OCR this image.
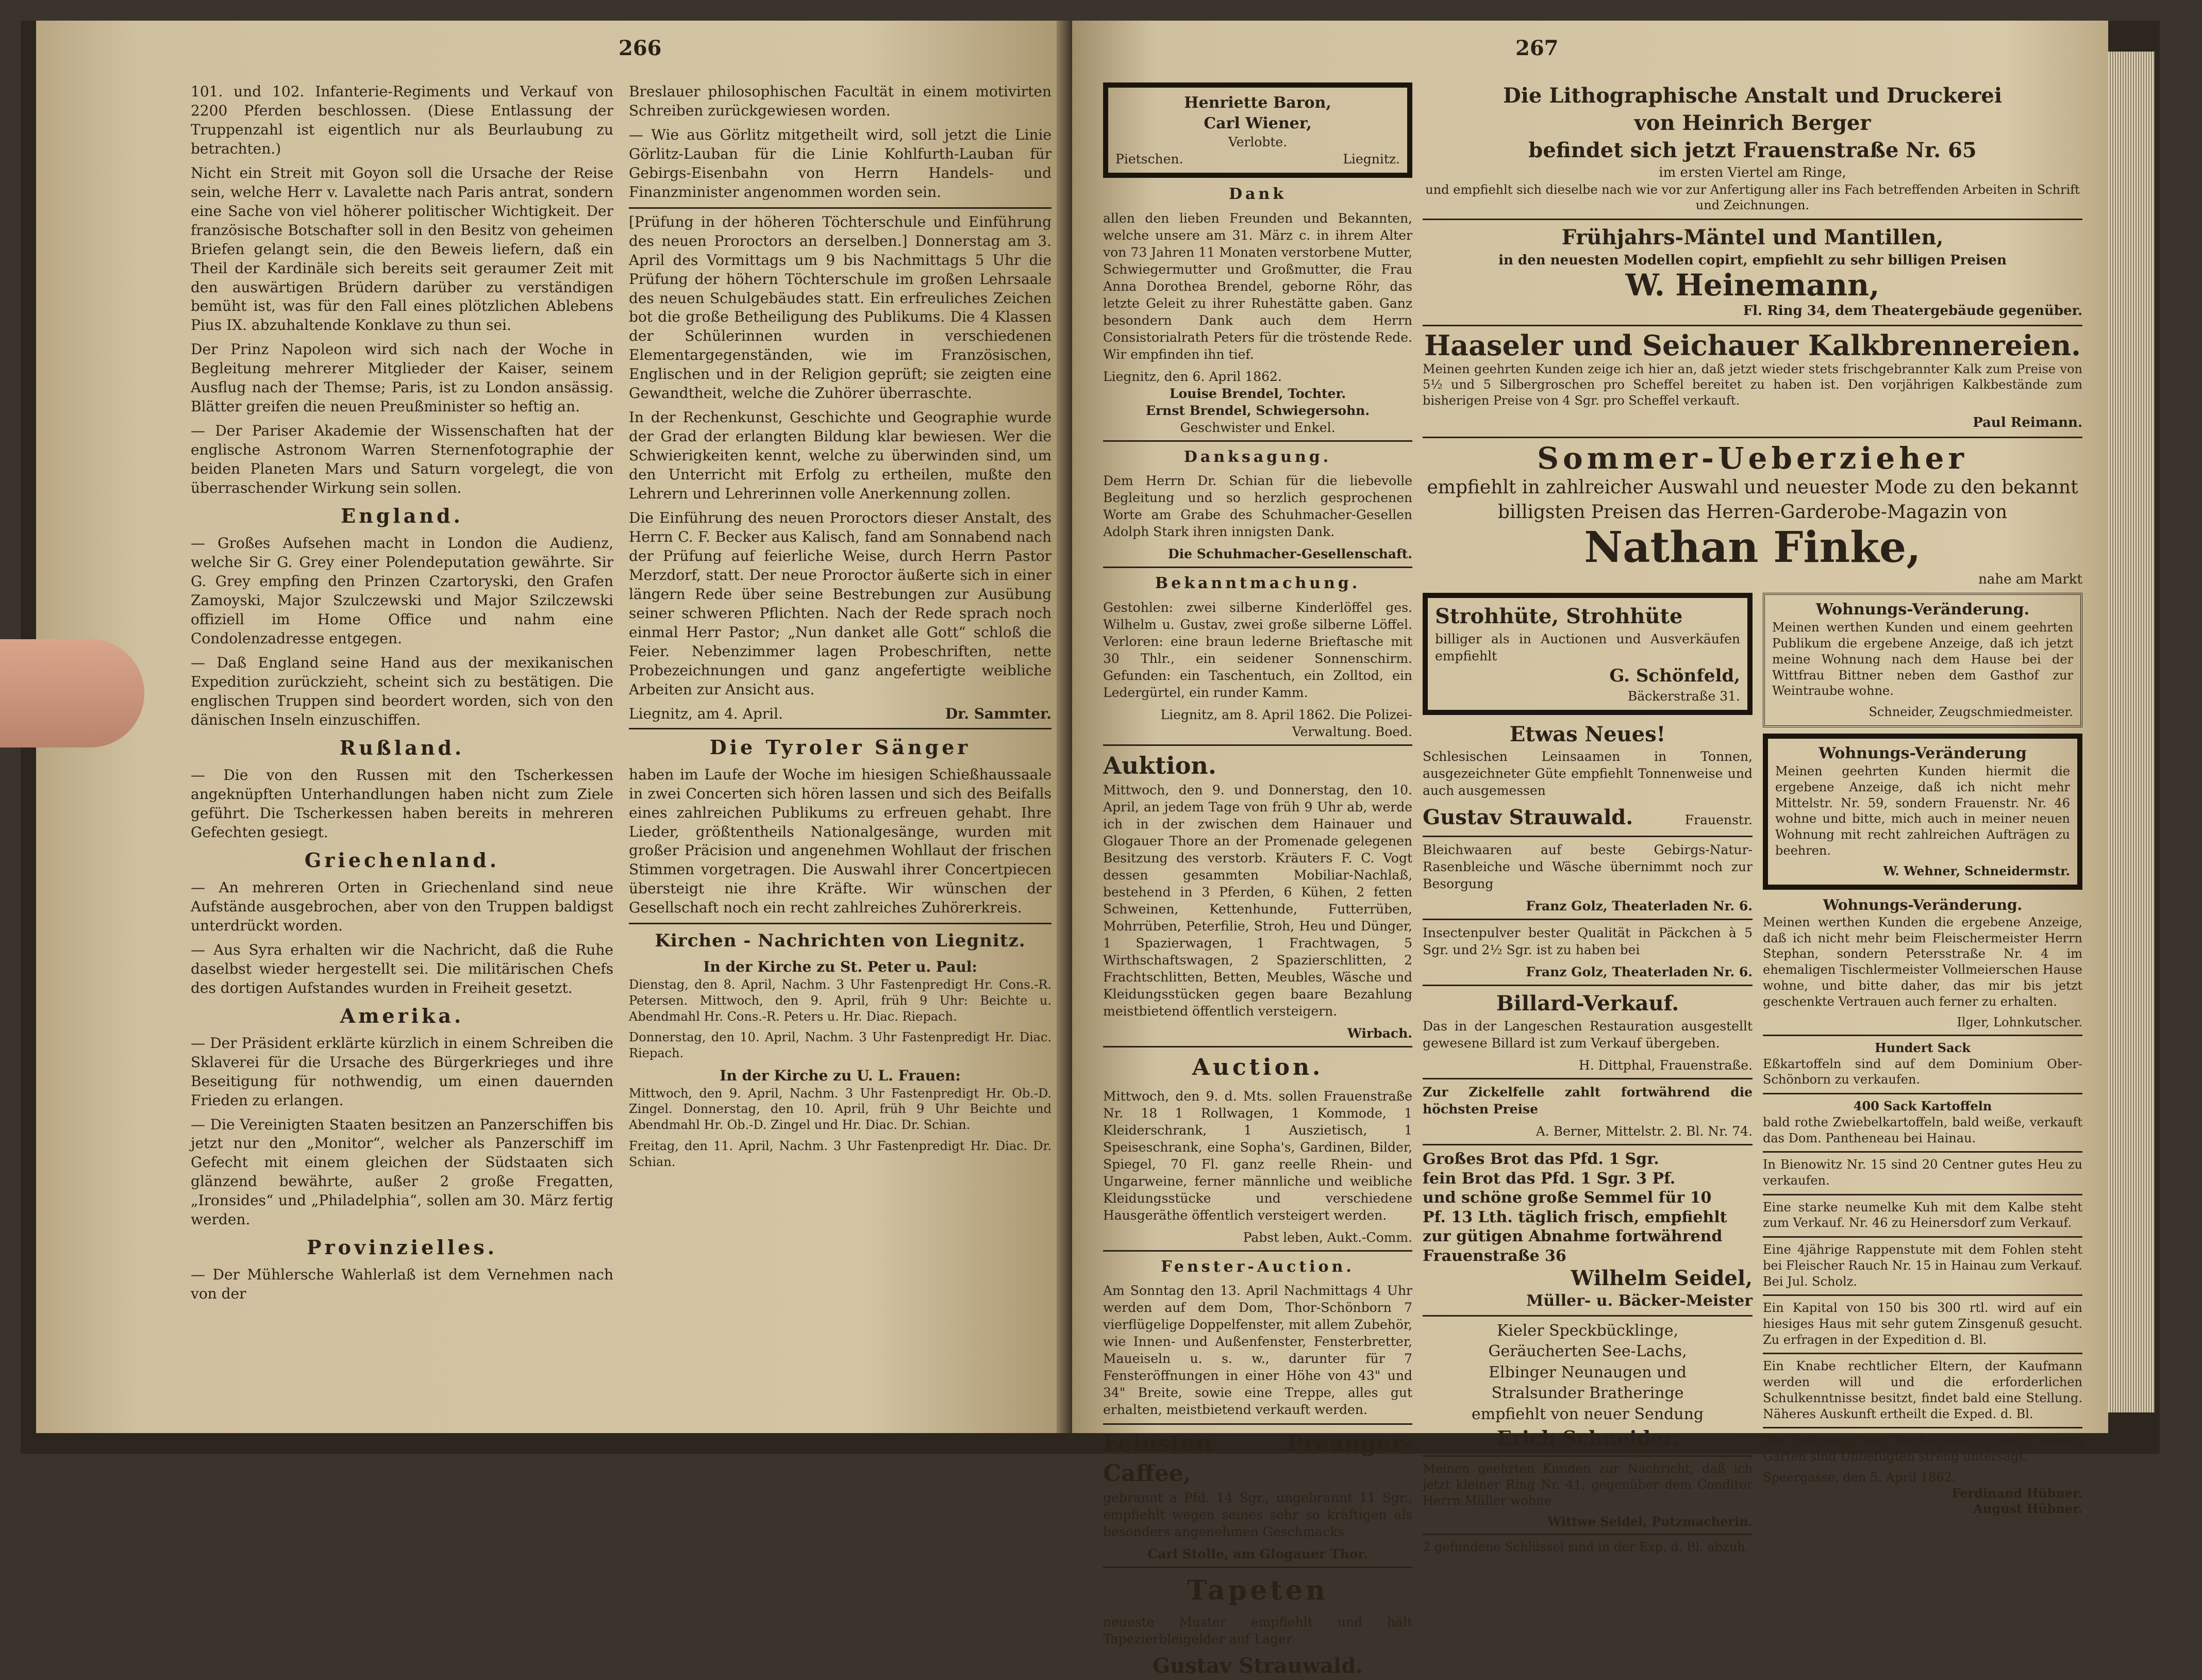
266

101. und 102. Infanterie-Regiments und Verkauf von 2200 Pferden beschlossen. (Diese Entlassung der Truppenzahl ist eigentlich nur als Beurlaubung zu betrachten.)

Nicht ein Streit mit Goyon soll die Ursache der Reise sein, welche Herr v. Lavalette nach Paris antrat, sondern eine Sache von viel höherer politischer Wichtigkeit. Der französische Botschafter soll in den Besitz von geheimen Briefen gelangt sein, die den Beweis liefern, daß ein Theil der Kardinäle sich bereits seit geraumer Zeit mit den auswärtigen Brüdern darüber zu verständigen bemüht ist, was für den Fall eines plötzlichen Ablebens Pius IX. abzuhaltende Konklave zu thun sei.

Der Prinz Napoleon wird sich nach der Woche in Begleitung mehrerer Mitglieder der Kaiser, seinem Ausflug nach der Themse; Paris, ist zu London ansässig. Blätter greifen die neuen Preußminister so heftig an.

— Der Pariser Akademie der Wissenschaften hat der englische Astronom Warren Sternenfotographie der beiden Planeten Mars und Saturn vorgelegt, die von überraschender Wirkung sein sollen.

England.

— Großes Aufsehen macht in London die Audienz, welche Sir G. Grey einer Polendeputation gewährte. Sir G. Grey empfing den Prinzen Czartoryski, den Grafen Zamoyski, Major Szulczewski und Major Szilczewski offiziell im Home Office und nahm eine Condolenzadresse entgegen.

— Daß England seine Hand aus der mexikanischen Expedition zurückzieht, scheint sich zu bestätigen. Die englischen Truppen sind beordert worden, sich von den dänischen Inseln einzuschiffen.

Rußland.

— Die von den Russen mit den Tscherkessen angeknüpften Unterhandlungen haben nicht zum Ziele geführt. Die Tscherkessen haben bereits in mehreren Gefechten gesiegt.

Griechenland.

— An mehreren Orten in Griechenland sind neue Aufstände ausgebrochen, aber von den Truppen baldigst unterdrückt worden.

— Aus Syra erhalten wir die Nachricht, daß die Ruhe daselbst wieder hergestellt sei. Die militärischen Chefs des dortigen Aufstandes wurden in Freiheit gesetzt.

Amerika.

— Der Präsident erklärte kürzlich in einem Schreiben die Sklaverei für die Ursache des Bürgerkrieges und ihre Beseitigung für nothwendig, um einen dauernden Frieden zu erlangen.

— Die Vereinigten Staaten besitzen an Panzerschiffen bis jetzt nur den „Monitor“, welcher als Panzerschiff im Gefecht mit einem gleichen der Südstaaten sich glänzend bewährte, außer 2 große Fregatten, „Ironsides“ und „Philadelphia“, sollen am 30. März fertig werden.

Provinzielles.

— Der Mühlersche Wahlerlaß ist dem Vernehmen nach von der

Breslauer philosophischen Facultät in einem motivirten Schreiben zurückgewiesen worden.

— Wie aus Görlitz mitgetheilt wird, soll jetzt die Linie Görlitz-Lauban für die Linie Kohlfurth-Lauban für Gebirgs-Eisenbahn von Herrn Handels- und Finanzminister angenommen worden sein.

[Prüfung in der höheren Töchterschule und Einführung des neuen Proroctors an derselben.] Donnerstag am 3. April des Vormittags um 9 bis Nachmittags 5 Uhr die Prüfung der höhern Töchterschule im großen Lehrsaale des neuen Schulgebäudes statt. Ein erfreuliches Zeichen bot die große Betheiligung des Publikums. Die 4 Klassen der Schülerinnen wurden in verschiedenen Elementargegenständen, wie im Französischen, Englischen und in der Religion geprüft; sie zeigten eine Gewandtheit, welche die Zuhörer überraschte.

In der Rechenkunst, Geschichte und Geographie wurde der Grad der erlangten Bildung klar bewiesen. Wer die Schwierigkeiten kennt, welche zu überwinden sind, um den Unterricht mit Erfolg zu ertheilen, mußte den Lehrern und Lehrerinnen volle Anerkennung zollen.

Die Einführung des neuen Proroctors dieser Anstalt, des Herrn C. F. Becker aus Kalisch, fand am Sonnabend nach der Prüfung auf feierliche Weise, durch Herrn Pastor Merzdorf, statt. Der neue Proroctor äußerte sich in einer längern Rede über seine Bestrebungen zur Ausübung seiner schweren Pflichten. Nach der Rede sprach noch einmal Herr Pastor; „Nun danket alle Gott“ schloß die Feier. Nebenzimmer lagen Probeschriften, nette Probezeichnungen und ganz angefertigte weibliche Arbeiten zur Ansicht aus.

Liegnitz, am 4. April.	Dr. Sammter.
Die Tyroler Sänger

haben im Laufe der Woche im hiesigen Schießhaussaale in zwei Concerten sich hören lassen und sich des Beifalls eines zahlreichen Publikums zu erfreuen gehabt. Ihre Lieder, größtentheils Nationalgesänge, wurden mit großer Präcision und angenehmen Wohllaut der frischen Stimmen vorgetragen. Die Auswahl ihrer Concertpiecen übersteigt nie ihre Kräfte. Wir wünschen der Gesellschaft noch ein recht zahlreiches Zuhörerkreis.

Kirchen - Nachrichten von Liegnitz.
In der Kirche zu St. Peter u. Paul:

Dienstag, den 8. April, Nachm. 3 Uhr Fastenpredigt Hr. Cons.-R. Petersen. Mittwoch, den 9. April, früh 9 Uhr: Beichte u. Abendmahl Hr. Cons.-R. Peters u. Hr. Diac. Riepach.

Donnerstag, den 10. April, Nachm. 3 Uhr Fastenpredigt Hr. Diac. Riepach.

In der Kirche zu U. L. Frauen:

Mittwoch, den 9. April, Nachm. 3 Uhr Fastenpredigt Hr. Ob.-D. Zingel. Donnerstag, den 10. April, früh 9 Uhr Beichte und Abendmahl Hr. Ob.-D. Zingel und Hr. Diac. Dr. Schian.

Freitag, den 11. April, Nachm. 3 Uhr Fastenpredigt Hr. Diac. Dr. Schian.

267
Henriette Baron,
Carl Wiener,
Verlobte.
Pietschen.	Liegnitz.
Dank

allen den lieben Freunden und Bekannten, welche unsere am 31. März c. in ihrem Alter von 73 Jahren 11 Monaten verstorbene Mutter, Schwiegermutter und Großmutter, die Frau Anna Dorothea Brendel, geborne Röhr, das letzte Geleit zu ihrer Ruhestätte gaben. Ganz besondern Dank auch dem Herrn Consistorialrath Peters für die tröstende Rede. Wir empfinden ihn tief.

Liegnitz, den 6. April 1862.
Louise Brendel, Tochter.
Ernst Brendel, Schwiegersohn.
Geschwister und Enkel.
Danksagung.

Dem Herrn Dr. Schian für die liebevolle Begleitung und so herzlich gesprochenen Worte am Grabe des Schuhmacher-Gesellen Adolph Stark ihren innigsten Dank.

Die Schuhmacher-Gesellenschaft.
Bekanntmachung.

Gestohlen: zwei silberne Kinderlöffel ges. Wilhelm u. Gustav, zwei große silberne Löffel. Verloren: eine braun lederne Brieftasche mit 30 Thlr., ein seidener Sonnenschirm. Gefunden: ein Taschentuch, ein Zolltod, ein Ledergürtel, ein runder Kamm.

Liegnitz, am 8. April 1862. Die Polizei-Verwaltung. Boed.
Auktion.

Mittwoch, den 9. und Donnerstag, den 10. April, an jedem Tage von früh 9 Uhr ab, werde ich in der zwischen dem Hainauer und Glogauer Thore an der Promenade gelegenen Besitzung des verstorb. Kräuters F. C. Vogt dessen gesammten Mobiliar-Nachlaß, bestehend in 3 Pferden, 6 Kühen, 2 fetten Schweinen, Kettenhunde, Futterrüben, Mohrrüben, Peterfilie, Stroh, Heu und Dünger, 1 Spazierwagen, 1 Frachtwagen, 5 Wirthschaftswagen, 2 Spazierschlitten, 2 Frachtschlitten, Betten, Meubles, Wäsche und Kleidungsstücken gegen baare Bezahlung meistbietend öffentlich versteigern.

Wirbach.
Auction.

Mittwoch, den 9. d. Mts. sollen Frauenstraße Nr. 18 1 Rollwagen, 1 Kommode, 1 Kleiderschrank, 1 Auszietisch, 1 Speiseschrank, eine Sopha's, Gardinen, Bilder, Spiegel, 70 Fl. ganz reelle Rhein- und Ungarweine, ferner männliche und weibliche Kleidungsstücke und verschiedene Hausgeräthe öffentlich versteigert werden.

Pabst leben, Aukt.-Comm.
Fenster-Auction.

Am Sonntag den 13. April Nachmittags 4 Uhr werden auf dem Dom, Thor-Schönborn 7 vierflügelige Doppelfenster, mit allem Zubehör, wie Innen- und Außenfenster, Fensterbretter, Maueiseln u. s. w., darunter für 7 Fensteröffnungen in einer Höhe von 43" und 34" Breite, sowie eine Treppe, alles gut erhalten, meistbietend verkauft werden.

Feinsten Preanger-Caffee,

gebrannt a Pfd. 14 Sgr., ungebrannt 11 Sgr., empfiehlt wegen seines sehr so kräftigen als besonders angenehmen Geschmacks

Carl Stolle, am Glogauer Thor.
Tapeten

neueste Muster empfiehlt und hält Tapezierbleigelder auf Lager

Gustav Strauwald.
Die Lithographische Anstalt und Druckerei
von Heinrich Berger
befindet sich jetzt Frauenstraße Nr. 65
im ersten Viertel am Ringe,
und empfiehlt sich dieselbe nach wie vor zur Anfertigung aller ins Fach betreffenden Arbeiten in Schrift und Zeichnungen.
Frühjahrs-Mäntel und Mantillen,
in den neuesten Modellen copirt, empfiehlt zu sehr billigen Preisen
W. Heinemann,
Fl. Ring 34, dem Theatergebäude gegenüber.
Haaseler und Seichauer Kalkbrennereien.

Meinen geehrten Kunden zeige ich hier an, daß jetzt wieder stets frischgebrannter Kalk zum Preise von 5½ und 5 Silbergroschen pro Scheffel bereitet zu haben ist. Den vorjährigen Kalkbestände zum bisherigen Preise von 4 Sgr. pro Scheffel verkauft.

Paul Reimann.
Sommer-Ueberzieher
empfiehlt in zahlreicher Auswahl und neuester Mode zu den bekannt billigsten Preisen das Herren-Garderobe-Magazin von
Nathan Finke,
nahe am Markt
Strohhüte, Strohhüte
billiger als in Auctionen und Ausverkäufen empfiehlt
G. Schönfeld,
Bäckerstraße 31.
Etwas Neues!

Schlesischen Leinsaamen in Tonnen, ausgezeichneter Güte empfiehlt Tonnenweise und auch ausgemessen

Gustav Strauwald.	Frauenstr.

Bleichwaaren auf beste Gebirgs-Natur-Rasenbleiche und Wäsche übernimmt noch zur Besorgung

Franz Golz, Theaterladen Nr. 6.

Insectenpulver bester Qualität in Päckchen à 5 Sgr. und 2½ Sgr. ist zu haben bei

Franz Golz, Theaterladen Nr. 6.
Billard-Verkauf.

Das in der Langeschen Restauration ausgestellt gewesene Billard ist zum Verkauf übergeben.

H. Dittphal, Frauenstraße.

Zur Zickelfelle zahlt fortwährend die höchsten Preise

A. Berner, Mittelstr. 2. Bl. Nr. 74.
Großes Brot das Pfd. 1 Sgr.
fein Brot das Pfd. 1 Sgr. 3 Pf.
und schöne große Semmel für 10
Pf. 13 Lth. täglich frisch, empfiehlt
zur gütigen Abnahme fortwährend
Frauenstraße 36
Wilhelm Seidel,
Müller- u. Bäcker-Meister
Kieler Speckbücklinge,
Geräucherten See-Lachs,
Elbinger Neunaugen und
Stralsunder Bratheringe
empfiehlt von neuer Sendung
Erich Schneider.

Meinen geehrten Kunden zur Nachricht, daß ich jetzt kleiner Ring Nr. 41, gegenüber dem Conditor Herrn Müller wohne.

Wittwe Seidel, Putzmacherin.
2 gefundene Schlüssel sind in der Exp. d. Bl. abzuh.
Wohnungs-Veränderung.

Meinen werthen Kunden und einem geehrten Publikum die ergebene Anzeige, daß ich jetzt meine Wohnung nach dem Hause bei der Wittfrau Bittner neben dem Gasthof zur Weintraube wohne.

Schneider, Zeugschmiedmeister.
Wohnungs-Veränderung

Meinen geehrten Kunden hiermit die ergebene Anzeige, daß ich nicht mehr Mittelstr. Nr. 59, sondern Frauenstr. Nr. 46 wohne und bitte, mich auch in meiner neuen Wohnung mit recht zahlreichen Aufträgen zu beehren.

W. Wehner, Schneidermstr.
Wohnungs-Veränderung.

Meinen werthen Kunden die ergebene Anzeige, daß ich nicht mehr beim Fleischermeister Herrn Stephan, sondern Petersstraße Nr. 4 im ehemaligen Tischlermeister Vollmeierschen Hause wohne, und bitte daher, das mir bis jetzt geschenkte Vertrauen auch ferner zu erhalten.

Ilger, Lohnkutscher.
Hundert Sack

Eßkartoffeln sind auf dem Dominium Ober-Schönborn zu verkaufen.

400 Sack Kartoffeln

bald rothe Zwiebelkartoffeln, bald weiße, verkauft das Dom. Pantheneau bei Hainau.

In Bienowitz Nr. 15 sind 20 Centner gutes Heu zu verkaufen.

Eine starke neumelke Kuh mit dem Kalbe steht zum Verkauf. Nr. 46 zu Heinersdorf zum Verkauf.

Eine 4jährige Rappenstute mit dem Fohlen steht bei Fleischer Rauch Nr. 15 in Hainau zum Verkauf. Bei Jul. Scholz.

Ein Kapital von 150 bis 300 rtl. wird auf ein hiesiges Haus mit sehr gutem Zinsgenuß gesucht. Zu erfragen in der Expedition d. Bl.

Ein Knabe rechtlicher Eltern, der Kaufmann werden will und die erforderlichen Schulkenntnisse besitzt, findet bald eine Stellung. Näheres Auskunft ertheilt die Exped. d. Bl.

Die Fußsteige vom Raybachdamm durch unsern Garten sind Unbefugten streng untersagt.

Speergasse, den 5. April 1862.
Ferdinand Hübner.
August Hübner.
